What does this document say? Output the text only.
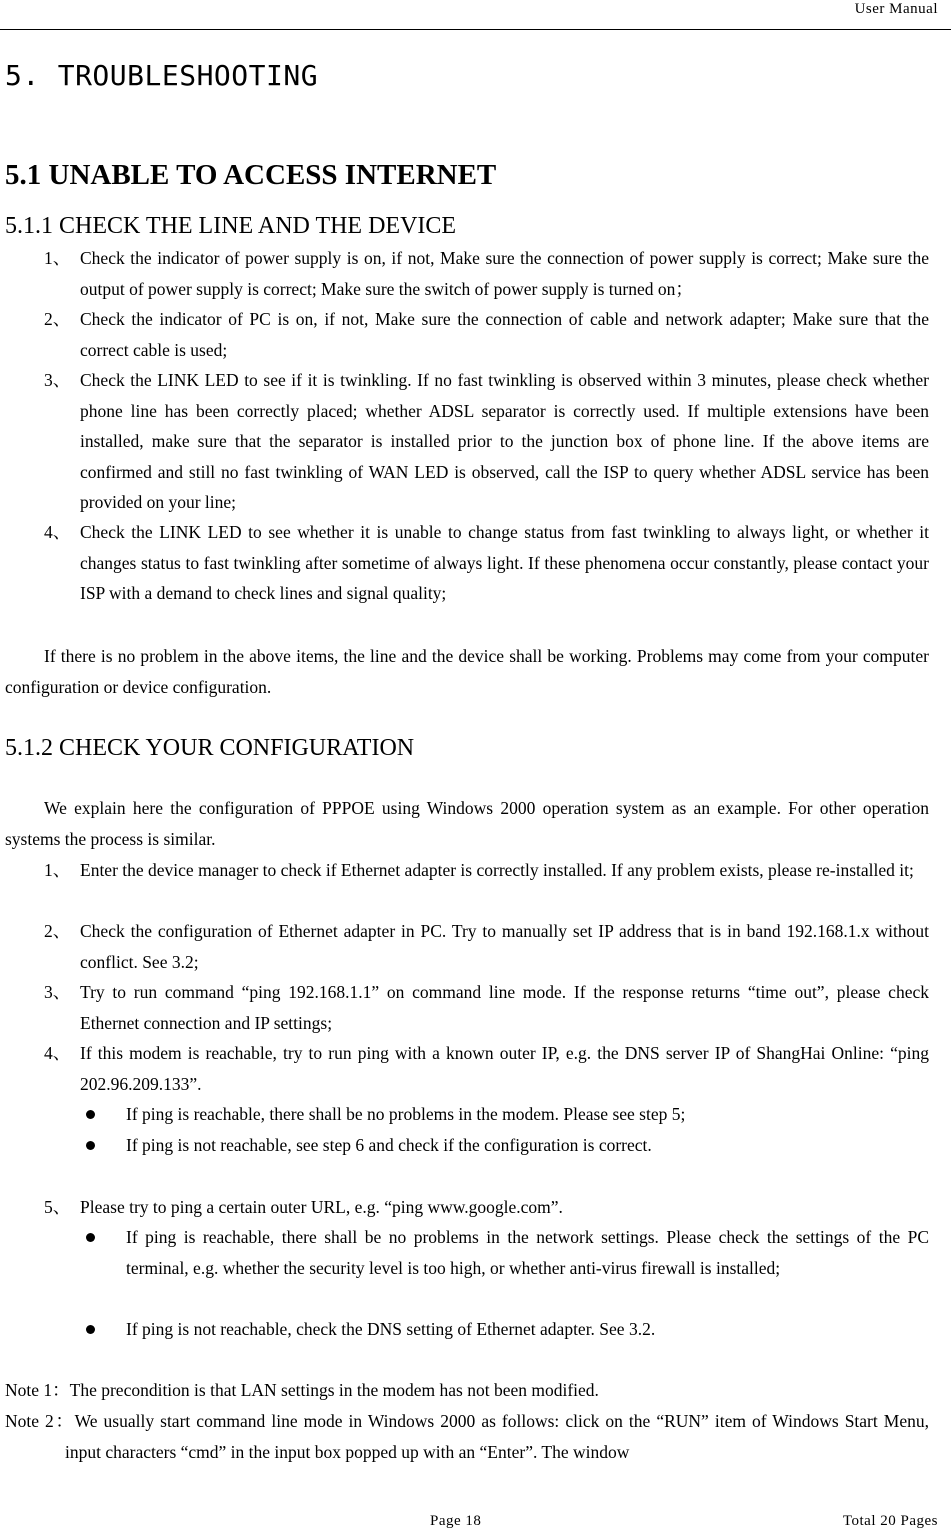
User Manual
5. TROUBLESHOOTING
5.1 UNABLE TO ACCESS INTERNET
5.1.1 CHECK THE LINE AND THE DEVICE
1、 Check the indicator of power supply is on, if not, Make sure the connection of power supply is correct; Make sure the output of power supply is correct; Make sure the switch of power supply is turned on；
2、 Check the indicator of PC is on, if not, Make sure the connection of cable and network adapter; Make sure that the correct cable is used;
3、 Check the LINK LED to see if it is twinkling. If no fast twinkling is observed within 3 minutes, please check whether phone line has been correctly placed; whether ADSL separator is correctly used. If multiple extensions have been installed, make sure that the separator is installed prior to the junction box of phone line. If the above items are confirmed and still no fast twinkling of WAN LED is observed, call the ISP to query whether ADSL service has been provided on your line;
4、 Check the LINK LED to see whether it is unable to change status from fast twinkling to always light, or whether it changes status to fast twinkling after sometime of always light. If these phenomena occur constantly, please contact your ISP with a demand to check lines and signal quality;
If there is no problem in the above items, the line and the device shall be working. Problems may come from your computer configuration or device configuration.
5.1.2 CHECK YOUR CONFIGURATION
We explain here the configuration of PPPOE using Windows 2000 operation system as an example. For other operation systems the process is similar.
1、 Enter the device manager to check if Ethernet adapter is correctly installed. If any problem exists, please re-installed it;
2、 Check the configuration of Ethernet adapter in PC. Try to manually set IP address that is in band 192.168.1.x without conflict. See 3.2;
3、 Try to run command “ping 192.168.1.1” on command line mode. If the response returns “time out”, please check Ethernet connection and IP settings;
4、 If this modem is reachable, try to run ping with a known outer IP, e.g. the DNS server IP of ShangHai Online: “ping 202.96.209.133”.
If ping is reachable, there shall be no problems in the modem. Please see step 5;
If ping is not reachable, see step 6 and check if the configuration is correct.
5、 Please try to ping a certain outer URL, e.g. “ping www.google.com”.
If ping is reachable, there shall be no problems in the network settings. Please check the settings of the PC terminal, e.g. whether the security level is too high, or whether anti-virus firewall is installed;
If ping is not reachable, check the DNS setting of Ethernet adapter. See 3.2.
Note 1：The precondition is that LAN settings in the modem has not been modified.
Note 2：We usually start command line mode in Windows 2000 as follows: click on the “RUN” item of Windows Start Menu, input characters “cmd” in the input box popped up with an “Enter”. The window
Page 18	Total 20 Pages
